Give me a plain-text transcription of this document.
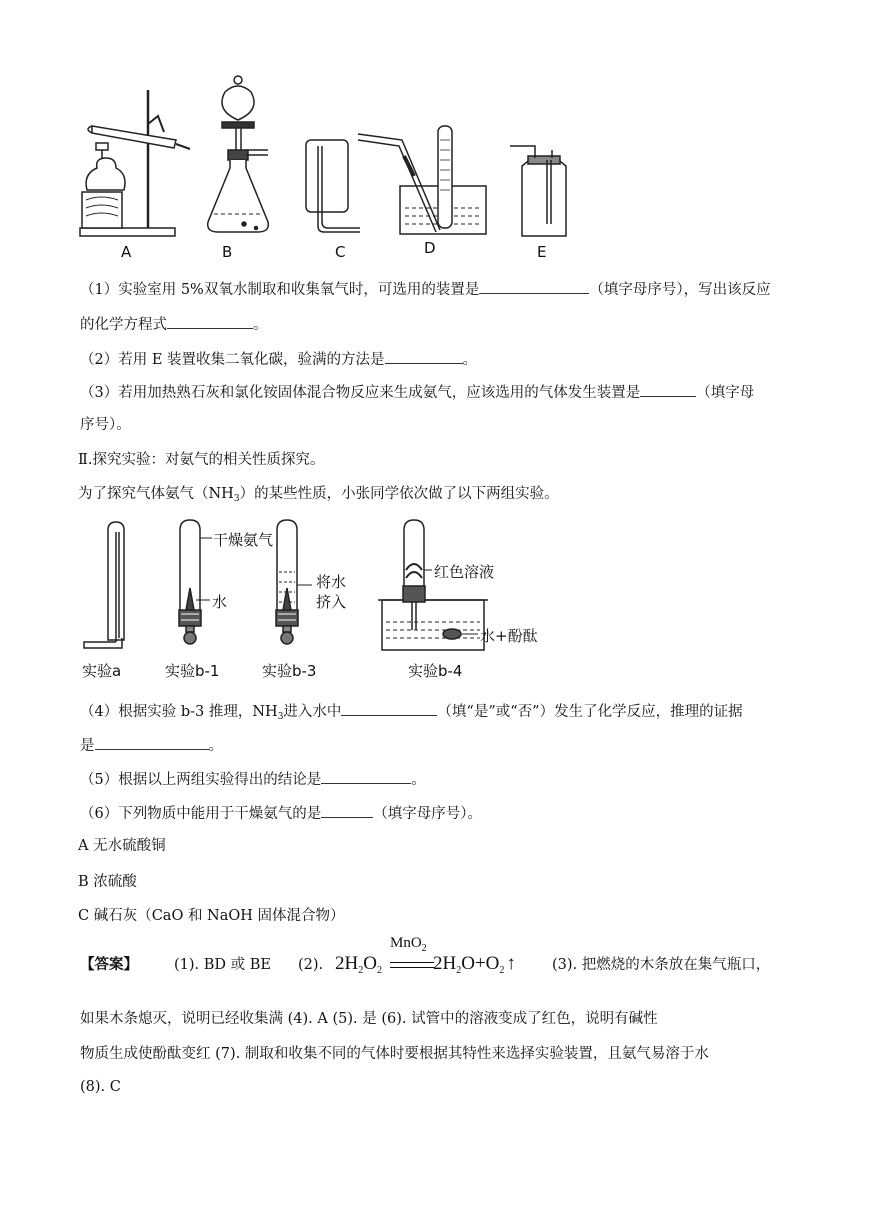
A	B	C	D	E
（1）实验室用 5%双氧水制取和收集氧气时，可选用的装置是	（填字母序号），写出该反应
的化学方程式	。
（2）若用 E 装置收集二氧化碳，验满的方法是	。
（3）若用加热熟石灰和氯化铵固体混合物反应来生成氨气，应该选用的气体发生装置是	（填字母
序号）。
Ⅱ.探究实验：对氨气的相关性质探究。
为了探究气体氨气$(NH_3)$的某些性质，小张同学依次做了以下两组实验。
干燥氨气
水
将水
挤入
红色溶液
水+酚酞
实验a	实验b-1	实验b-3	实验b-4
（4）根据实验 b-3 推理，$NH_3$进入水中	（填“是”或“否”）发生了化学反应，推理的证据
是	。
（5）根据以上两组实验得出的结论是	。
（6）下列物质中能用于干燥氨气的是	（填字母序号）。
A 无水硫酸铜
B 浓硫酸
C 碱石灰（CaO 和 NaOH 固体混合物）
【答案】 (1). BD 或 BE (2).
MnO$_2$
$2H_2O_2$	$2H_2O+O_2$ ↑ (3). 把燃烧的木条放在集气瓶口，
如果木条熄灭，说明已经收集满 (4). A (5). 是 (6). 试管中的溶液变成了红色，说明有碱性
物质生成使酚酞变红 (7). 制取和收集不同的气体时要根据其特性来选择实验装置，且氨气易溶于水
(8). C
